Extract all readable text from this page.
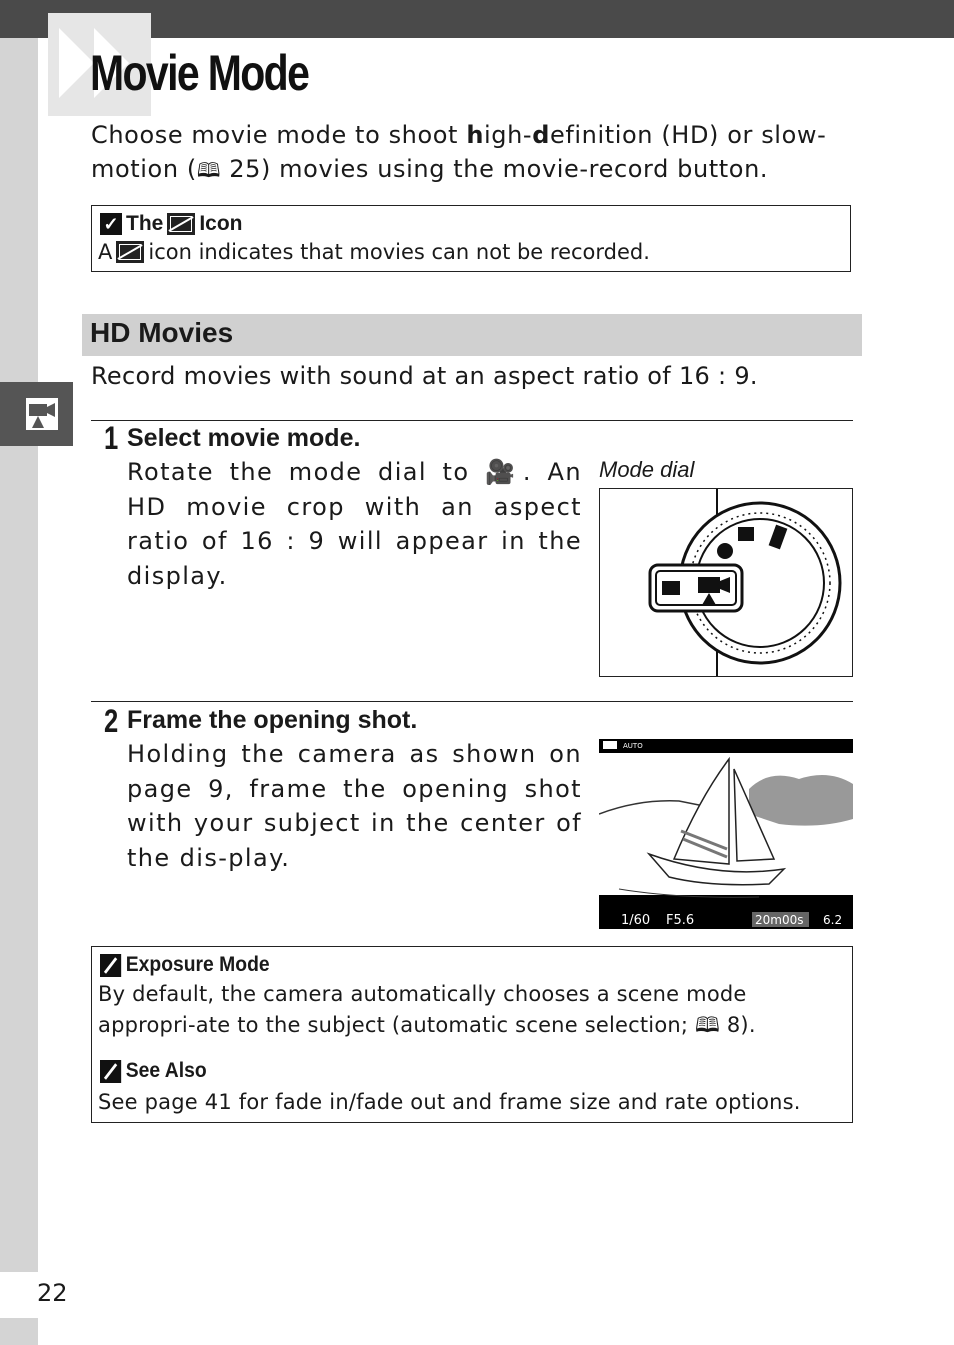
Movie Mode

Choose movie mode to shoot high-definition (HD) or slow-motion (🕮 25) movies using the movie-record button.

✓ The Icon
A icon indicates that movies can not be recorded.
HD Movies

Record movies with sound at an aspect ratio of 16 : 9.

1 Select movie mode.

Rotate the mode dial to 🎥. An HD movie crop with an aspect ratio of 16 : 9 will appear in the display.

Mode dial
2 Frame the opening shot.

Holding the camera as shown on page 9, frame the opening shot with your subject in the center of the dis-play.

AUTO
1/60 F5.6	20m00s 6.2
Exposure Mode

By default, the camera automatically chooses a scene mode appropri-ate to the subject (automatic scene selection; 🕮 8).

See Also

See page 41 for fade in/fade out and frame size and rate options.

22
